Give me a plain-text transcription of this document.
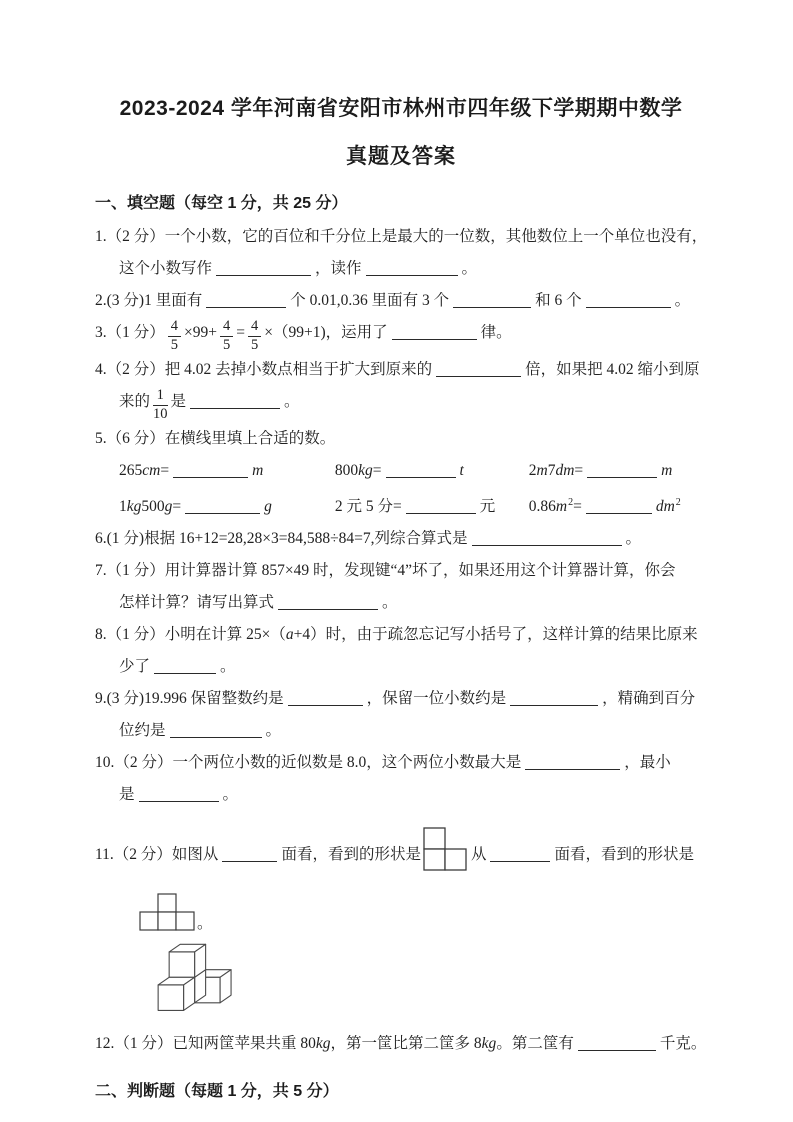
2023-2024 学年河南省安阳市林州市四年级下学期期中数学
真题及答案
一、填空题（每空 1 分，共 25 分）
1.（2 分）一个小数，它的百位和千分位上是最大的一位数，其他数位上一个单位也没有，
这个小数写作	，读作	。
2.(3 分)1 里面有	个 0.01,0.36 里面有 3 个	和 6 个	。
3.（1 分） $\frac{4}{5} \times 99+ \frac{4}{5} = \frac{4}{5} \times(99+1)$，运用了	律。
4.（2 分）把 4.02 去掉小数点相当于扩大到原来的	倍，如果把 4.02 缩小到原
来的 $\frac{1}{10}$ 是	。
5.（6 分）在横线里填上合适的数。
265cm=	m	800kg=	t	2m7dm=	m
1kg500g=	g	2 元 5 分=	元 $0.86m^2=$	$dm^2$
6.(1 分)根据 16+12=28,28×3=84,588÷84=7,列综合算式是	。
7.（1 分）用计算器计算 857×49 时，发现键“4”坏了，如果还用这个计算器计算，你会
怎样计算？请写出算式	。
8.（1 分）小明在计算 25×（a+4）时，由于疏忽忘记写小括号了，这样计算的结果比原来
少了	。
9.(3 分)19.996 保留整数约是	，保留一位小数约是	，精确到百分
位约是	。
10.（2 分）一个两位小数的近似数是 8.0，这个两位小数最大是	，最小
是	。
11.（2 分）如图从	面看，看到的形状是	从	面看，看到的形状是
。
12.（1 分）已知两筐苹果共重 80kg，第一筐比第二筐多 8kg。第二筐有	千克。
二、判断题（每题 1 分，共 5 分）
